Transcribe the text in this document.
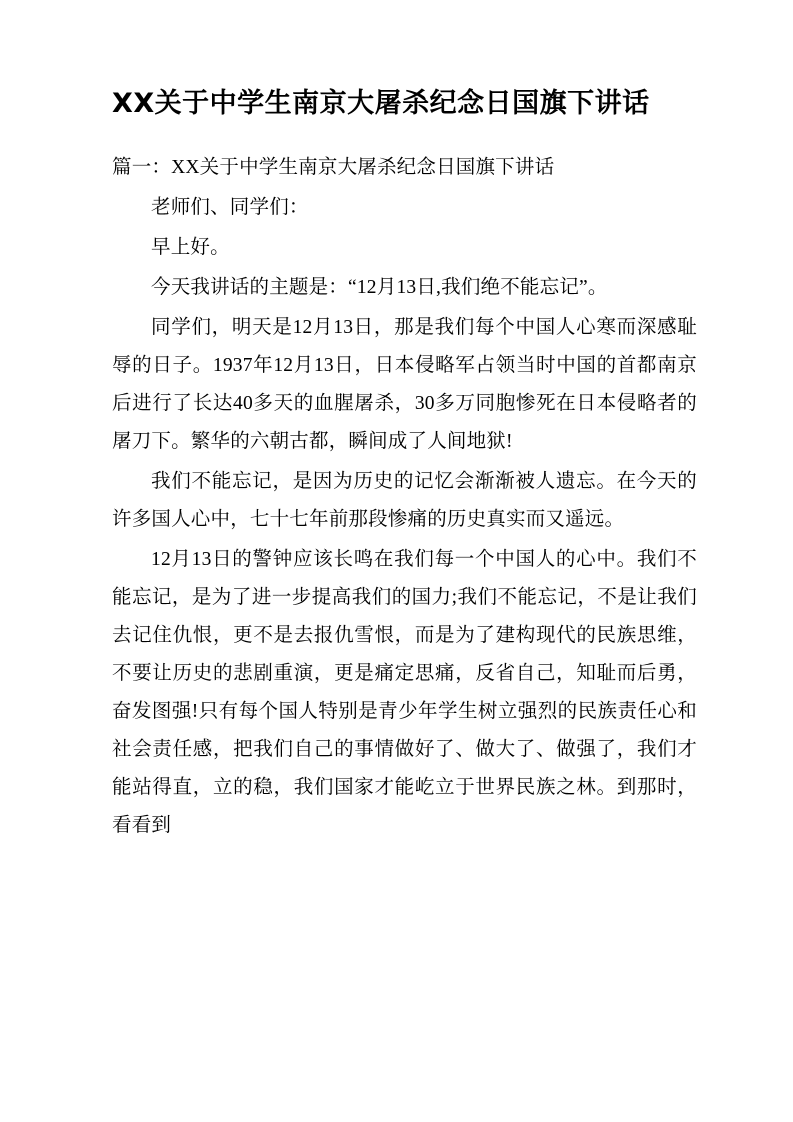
XX关于中学生南京大屠杀纪念日国旗下讲话

篇一：XX关于中学生南京大屠杀纪念日国旗下讲话

老师们、同学们：

早上好。

今天我讲话的主题是：“12月13日,我们绝不能忘记”。

同学们，明天是12月13日，那是我们每个中国人心寒而深感耻辱的日子。1937年12月13日，日本侵略军占领当时中国的首都南京后进行了长达40多天的血腥屠杀，30多万同胞惨死在日本侵略者的屠刀下。繁华的六朝古都，瞬间成了人间地狱!

我们不能忘记，是因为历史的记忆会渐渐被人遗忘。在今天的许多国人心中，七十七年前那段惨痛的历史真实而又遥远。

12月13日的警钟应该长鸣在我们每一个中国人的心中。我们不能忘记，是为了进一步提高我们的国力;我们不能忘记，不是让我们去记住仇恨，更不是去报仇雪恨，而是为了建构现代的民族思维，不要让历史的悲剧重演，更是痛定思痛，反省自己，知耻而后勇，奋发图强!只有每个国人特别是青少年学生树立强烈的民族责任心和社会责任感，把我们自己的事情做好了、做大了、做强了，我们才能站得直，立的稳，我们国家才能屹立于世界民族之林。到那时，看看到
